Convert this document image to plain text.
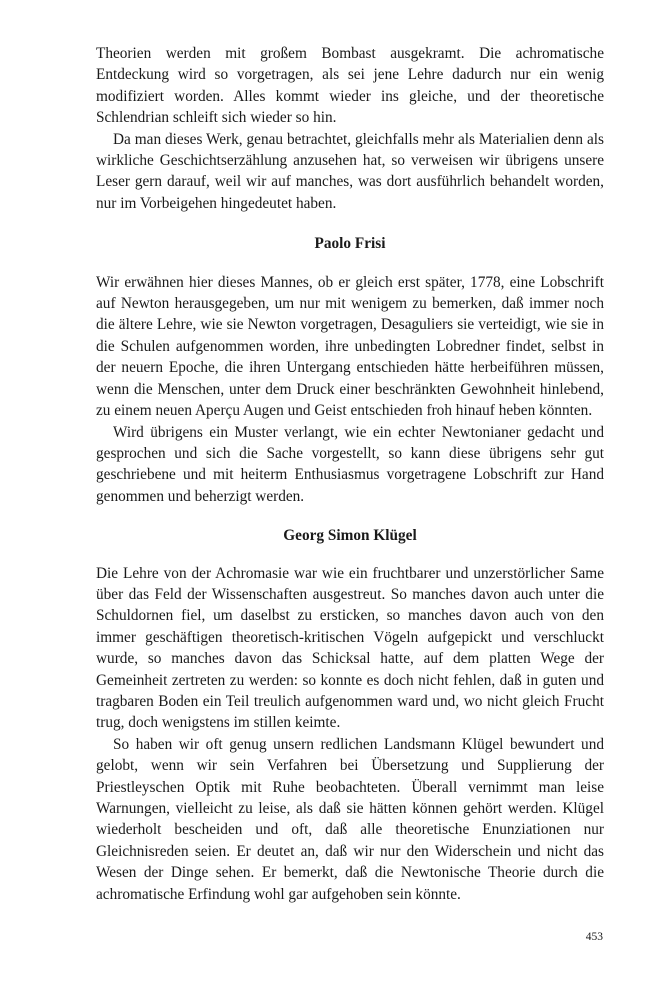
Theorien werden mit großem Bombast ausgekramt. Die achromatische Entdeckung wird so vorgetragen, als sei jene Lehre dadurch nur ein wenig modifiziert worden. Alles kommt wieder ins gleiche, und der theoretische Schlendrian schleift sich wieder so hin.

Da man dieses Werk, genau betrachtet, gleichfalls mehr als Materialien denn als wirkliche Geschichtserzählung anzusehen hat, so verweisen wir übrigens unsere Leser gern darauf, weil wir auf manches, was dort ausführlich behandelt worden, nur im Vorbeigehen hingedeutet haben.

Paolo Frisi

Wir erwähnen hier dieses Mannes, ob er gleich erst später, 1778, eine Lobschrift auf Newton herausgegeben, um nur mit wenigem zu bemerken, daß immer noch die ältere Lehre, wie sie Newton vorgetragen, Desaguliers sie verteidigt, wie sie in die Schulen aufgenommen worden, ihre unbedingten Lobredner findet, selbst in der neuern Epoche, die ihren Untergang entschieden hätte herbeiführen müssen, wenn die Menschen, unter dem Druck einer beschränkten Gewohnheit hinlebend, zu einem neuen Aperçu Augen und Geist entschieden froh hinauf heben könnten.

Wird übrigens ein Muster verlangt, wie ein echter Newtonianer gedacht und gesprochen und sich die Sache vorgestellt, so kann diese übrigens sehr gut geschriebene und mit heiterm Enthusiasmus vorgetragene Lobschrift zur Hand genommen und beherzigt werden.

Georg Simon Klügel

Die Lehre von der Achromasie war wie ein fruchtbarer und unzerstörlicher Same über das Feld der Wissenschaften ausgestreut. So manches davon auch unter die Schuldornen fiel, um daselbst zu ersticken, so manches davon auch von den immer geschäftigen theoretisch-kritischen Vögeln aufgepickt und verschluckt wurde, so manches davon das Schicksal hatte, auf dem platten Wege der Gemeinheit zertreten zu werden: so konnte es doch nicht fehlen, daß in guten und tragbaren Boden ein Teil treulich aufgenommen ward und, wo nicht gleich Frucht trug, doch wenigstens im stillen keimte.

So haben wir oft genug unsern redlichen Landsmann Klügel bewundert und gelobt, wenn wir sein Verfahren bei Übersetzung und Supplierung der Priestleyschen Optik mit Ruhe beobachteten. Überall vernimmt man leise Warnungen, vielleicht zu leise, als daß sie hätten können gehört werden. Klügel wiederholt bescheiden und oft, daß alle theoretische Enunziationen nur Gleichnisreden seien. Er deutet an, daß wir nur den Widerschein und nicht das Wesen der Dinge sehen. Er bemerkt, daß die Newtonische Theorie durch die achromatische Erfindung wohl gar aufgehoben sein könnte.

453
